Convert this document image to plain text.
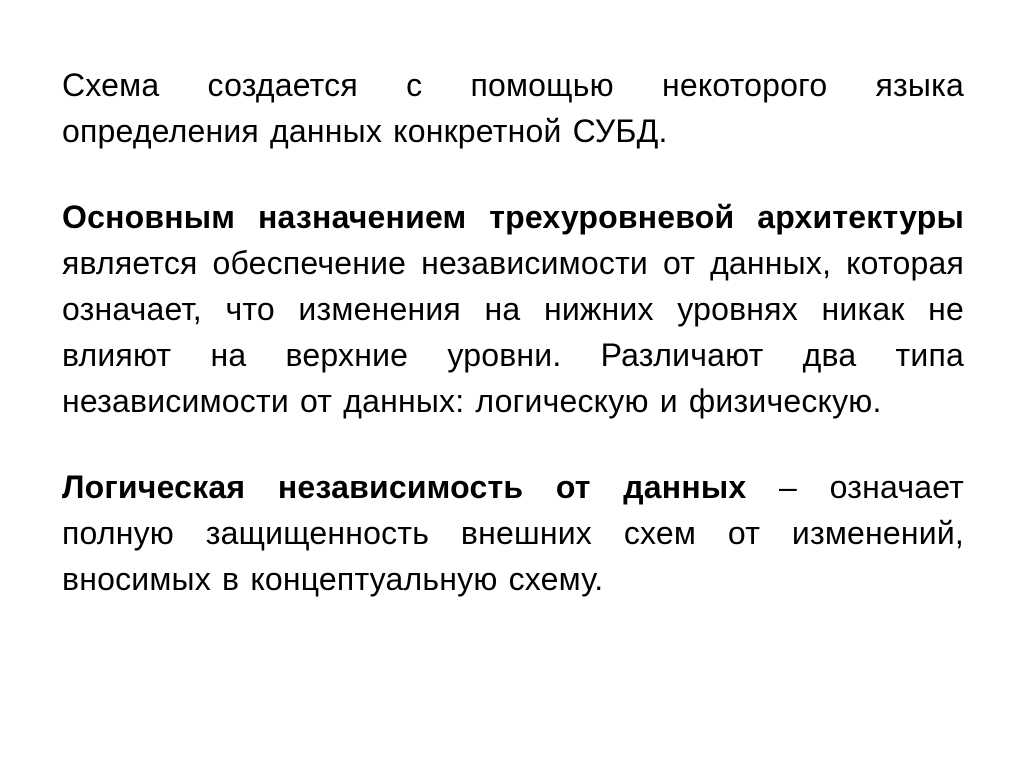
Схема создается с помощью некоторого языка определения данных конкретной СУБД.

Основным назначением трехуровневой архитектуры является обеспечение независимости от данных, которая означает, что изменения на нижних уровнях никак не влияют на верхние уровни. Различают два типа независимости от данных: логическую и физическую.

Логическая независимость от данных – означает полную защищенность внешних схем от изменений, вносимых в концептуальную схему.
